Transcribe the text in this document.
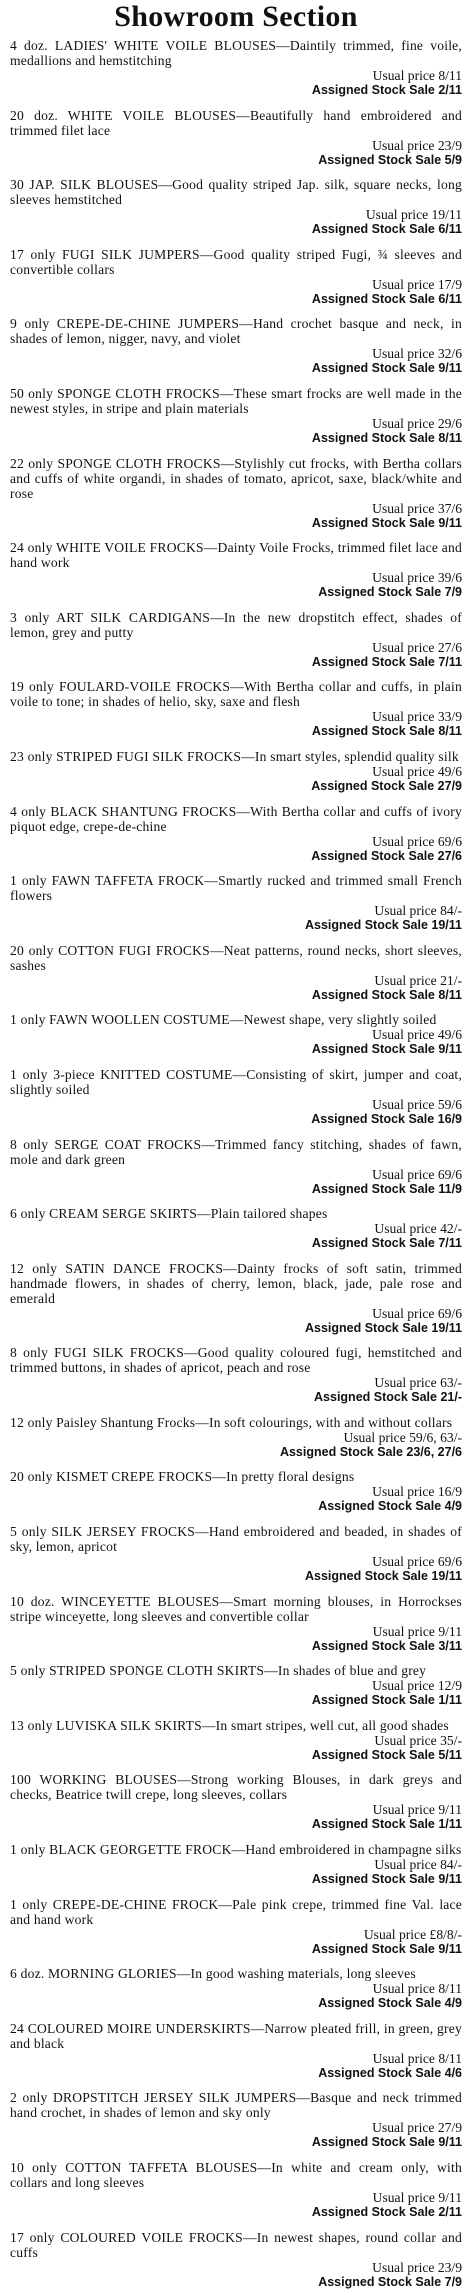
Showroom Section
4 doz. LADIES' WHITE VOILE BLOUSES—Daintily trimmed, fine voile, medallions and hemstitching
Usual price 8/11
Assigned Stock Sale 2/11
20 doz. WHITE VOILE BLOUSES—Beautifully hand embroidered and trimmed filet lace
Usual price 23/9
Assigned Stock Sale 5/9
30 JAP. SILK BLOUSES—Good quality striped Jap. silk, square necks, long sleeves hemstitched
Usual price 19/11
Assigned Stock Sale 6/11
17 only FUGI SILK JUMPERS—Good quality striped Fugi, ¾ sleeves and convertible collars
Usual price 17/9
Assigned Stock Sale 6/11
9 only CREPE-DE-CHINE JUMPERS—Hand crochet basque and neck, in shades of lemon, nigger, navy, and violet
Usual price 32/6
Assigned Stock Sale 9/11
50 only SPONGE CLOTH FROCKS—These smart frocks are well made in the newest styles, in stripe and plain materials
Usual price 29/6
Assigned Stock Sale 8/11
22 only SPONGE CLOTH FROCKS—Stylishly cut frocks, with Bertha collars and cuffs of white organdi, in shades of tomato, apricot, saxe, black/white and rose
Usual price 37/6
Assigned Stock Sale 9/11
24 only WHITE VOILE FROCKS—Dainty Voile Frocks, trimmed filet lace and hand work
Usual price 39/6
Assigned Stock Sale 7/9
3 only ART SILK CARDIGANS—In the new dropstitch effect, shades of lemon, grey and putty
Usual price 27/6
Assigned Stock Sale 7/11
19 only FOULARD-VOILE FROCKS—With Bertha collar and cuffs, in plain voile to tone; in shades of helio, sky, saxe and flesh
Usual price 33/9
Assigned Stock Sale 8/11
23 only STRIPED FUGI SILK FROCKS—In smart styles, splendid quality silk
Usual price 49/6
Assigned Stock Sale 27/9
4 only BLACK SHANTUNG FROCKS—With Bertha collar and cuffs of ivory piquot edge, crepe-de-chine
Usual price 69/6
Assigned Stock Sale 27/6
1 only FAWN TAFFETA FROCK—Smartly rucked and trimmed small French flowers
Usual price 84/-
Assigned Stock Sale 19/11
20 only COTTON FUGI FROCKS—Neat patterns, round necks, short sleeves, sashes
Usual price 21/-
Assigned Stock Sale 8/11
1 only FAWN WOOLLEN COSTUME—Newest shape, very slightly soiled
Usual price 49/6
Assigned Stock Sale 9/11
1 only 3-piece KNITTED COSTUME—Consisting of skirt, jumper and coat, slightly soiled
Usual price 59/6
Assigned Stock Sale 16/9
8 only SERGE COAT FROCKS—Trimmed fancy stitching, shades of fawn, mole and dark green
Usual price 69/6
Assigned Stock Sale 11/9
6 only CREAM SERGE SKIRTS—Plain tailored shapes
Usual price 42/-
Assigned Stock Sale 7/11
12 only SATIN DANCE FROCKS—Dainty frocks of soft satin, trimmed handmade flowers, in shades of cherry, lemon, black, jade, pale rose and emerald
Usual price 69/6
Assigned Stock Sale 19/11
8 only FUGI SILK FROCKS—Good quality coloured fugi, hemstitched and trimmed buttons, in shades of apricot, peach and rose
Usual price 63/-
Assigned Stock Sale 21/-
12 only Paisley Shantung Frocks—In soft colourings, with and without collars
Usual price 59/6, 63/-
Assigned Stock Sale 23/6, 27/6
20 only KISMET CREPE FROCKS—In pretty floral designs
Usual price 16/9
Assigned Stock Sale 4/9
5 only SILK JERSEY FROCKS—Hand embroidered and beaded, in shades of sky, lemon, apricot
Usual price 69/6
Assigned Stock Sale 19/11
10 doz. WINCEYETTE BLOUSES—Smart morning blouses, in Horrockses stripe winceyette, long sleeves and convertible collar
Usual price 9/11
Assigned Stock Sale 3/11
5 only STRIPED SPONGE CLOTH SKIRTS—In shades of blue and grey
Usual price 12/9
Assigned Stock Sale 1/11
13 only LUVISKA SILK SKIRTS—In smart stripes, well cut, all good shades
Usual price 35/-
Assigned Stock Sale 5/11
100 WORKING BLOUSES—Strong working Blouses, in dark greys and checks, Beatrice twill crepe, long sleeves, collars
Usual price 9/11
Assigned Stock Sale 1/11
1 only BLACK GEORGETTE FROCK—Hand embroidered in champagne silks
Usual price 84/-
Assigned Stock Sale 9/11
1 only CREPE-DE-CHINE FROCK—Pale pink crepe, trimmed fine Val. lace and hand work
Usual price £8/8/-
Assigned Stock Sale 9/11
6 doz. MORNING GLORIES—In good washing materials, long sleeves
Usual price 8/11
Assigned Stock Sale 4/9
24 COLOURED MOIRE UNDERSKIRTS—Narrow pleated frill, in green, grey and black
Usual price 8/11
Assigned Stock Sale 4/6
2 only DROPSTITCH JERSEY SILK JUMPERS—Basque and neck trimmed hand crochet, in shades of lemon and sky only
Usual price 27/9
Assigned Stock Sale 9/11
10 only COTTON TAFFETA BLOUSES—In white and cream only, with collars and long sleeves
Usual price 9/11
Assigned Stock Sale 2/11
17 only COLOURED VOILE FROCKS—In newest shapes, round collar and cuffs
Usual price 23/9
Assigned Stock Sale 7/9
